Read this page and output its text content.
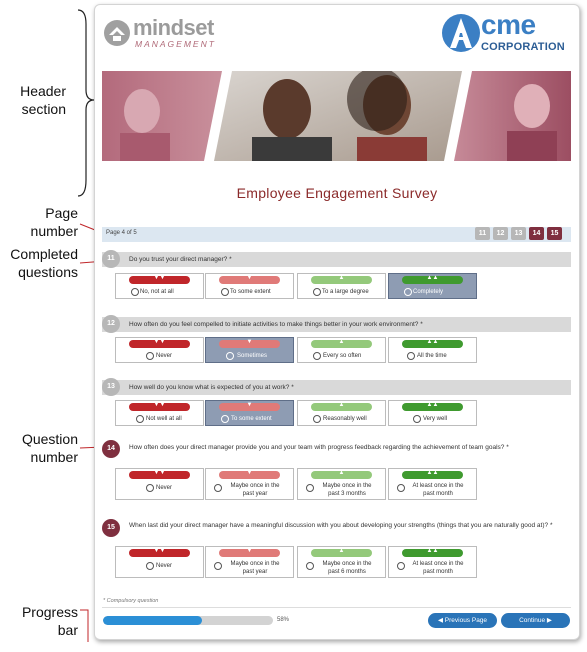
Header section
Page number
Completed questions
Question number
Progress bar
mindset
MANAGEMENT
cme
CORPORATION
Employee Engagement Survey
Page 4 of 5	11	12	13	14	15
11	Do you trust your direct manager? *
▼▼
No, not at all
▼
To some extent
▲
To a large degree
▲▲
Completely
12	How often do you feel compelled to initiate activities to make things better in your work environment? *
▼▼
Never
▼
Sometimes
▲
Every so often
▲▲
All the time
13	How well do you know what is expected of you at work? *
▼▼
Not well at all
▼
To some extent
▲
Reasonably well
▲▲
Very well
14	How often does your direct manager provide you and your team with progress feedback regarding the achievement of team goals? *
▼▼
Never
▼
Maybe once in the past year
▲
Maybe once in the past 3 months
▲▲
At least once in the past month
15	When last did your direct manager have a meaningful discussion with you about developing your strengths (things that you are naturally good at)? *
▼▼
Never
▼
Maybe once in the past year
▲
Maybe once in the past 6 months
▲▲
At least once in the past month
* Compulsory question
58%	◀ Previous Page	Continue ▶
